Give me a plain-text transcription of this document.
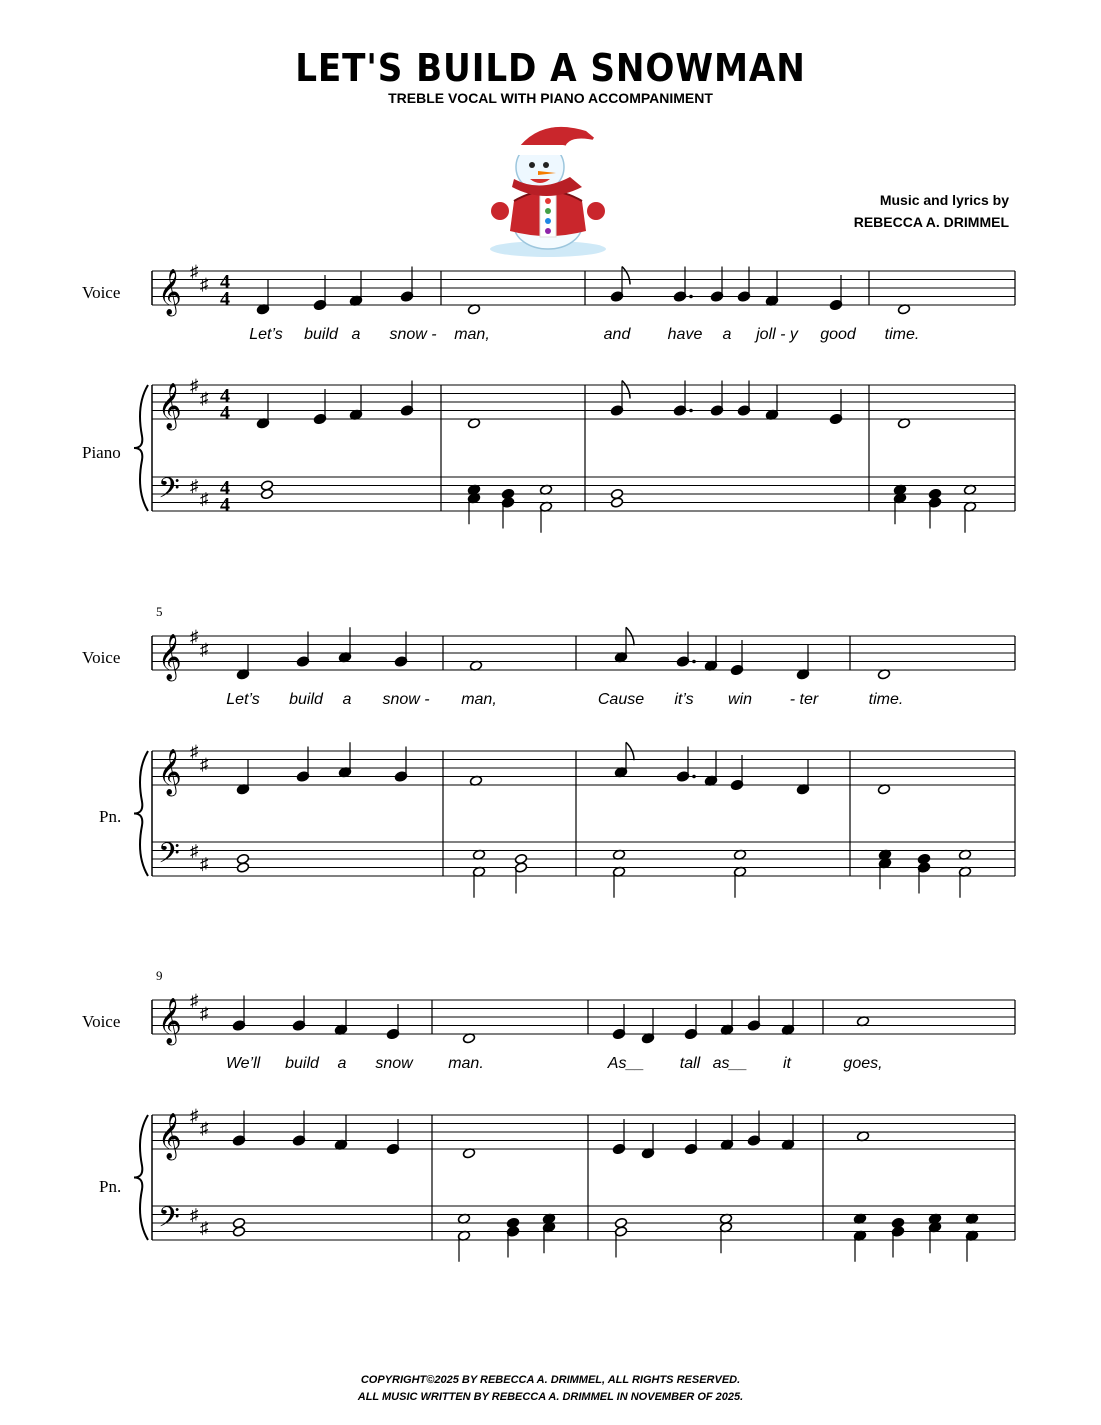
LET'S BUILD A SNOWMAN
TREBLE VOCAL WITH PIANO ACCOMPANIMENT
Music and lyrics by
REBECCA A. DRIMMEL
Voice
Piano
𝄞 ♯
♯
𝄞 ♯
♯
𝄢 ♯
♯
4
4
4
4
4
4
Let’s build a snow - man,	and have a joll - y good time.
5
Voice
Pn.
𝄞 ♯
♯
𝄞 ♯
♯
𝄢 ♯
♯
Let’s build a snow - man,	Cause it’s win - ter	time.
9
Voice
Pn.
𝄞 ♯
♯
𝄞 ♯
♯
𝄢 ♯
♯
We’ll build a snow man.	As__ tall as__ it	goes,
COPYRIGHT©2025 BY REBECCA A. DRIMMEL, ALL RIGHTS RESERVED.
ALL MUSIC WRITTEN BY REBECCA A. DRIMMEL IN NOVEMBER OF 2025.
